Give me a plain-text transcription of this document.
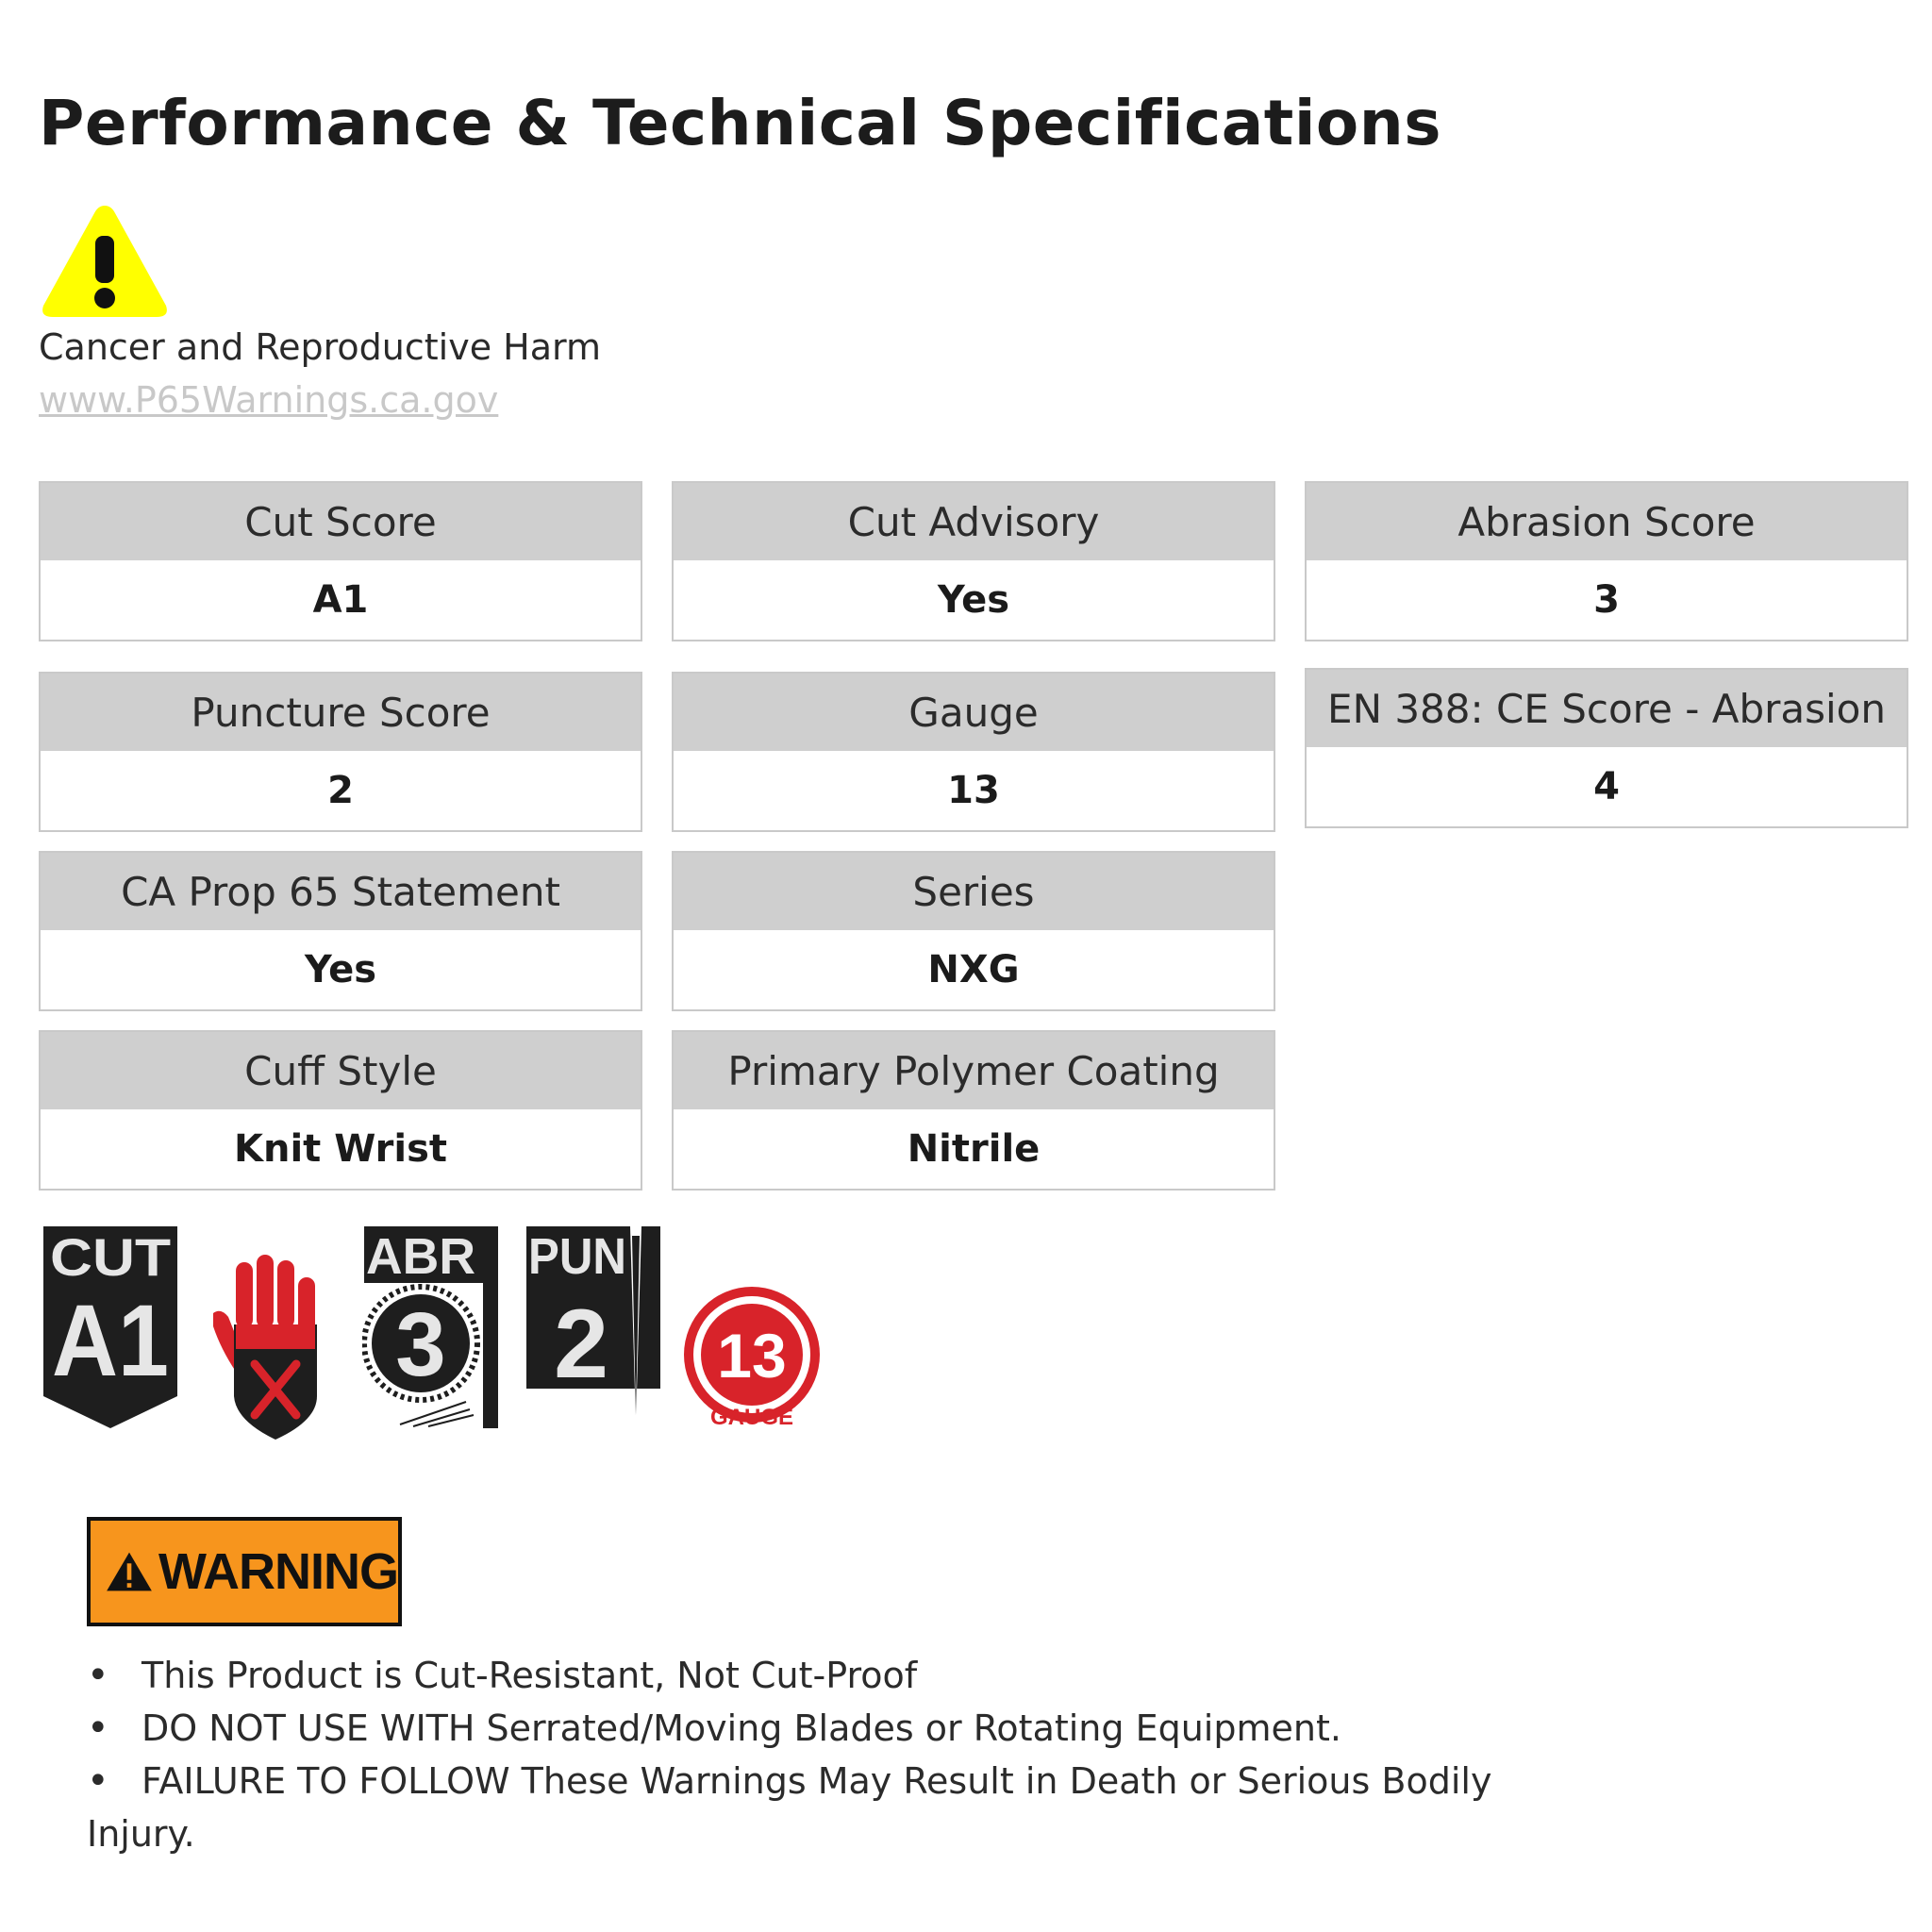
Performance & Technical Specifications
Cancer and Reproductive Harm
www.P65Warnings.ca.gov
Cut Score
A1
Cut Advisory
Yes
Abrasion Score
3
Puncture Score
2
Gauge
13
EN 388: CE Score - Abrasion
4
CA Prop 65 Statement
Yes
Series
NXG
Cuff Style
Knit Wrist
Primary Polymer Coating
Nitrile
CUT
A1
ABR
3
PUN
2 13
GAUGE
WARNING
• This Product is Cut-Resistant, Not Cut-Proof
• DO NOT USE WITH Serrated/Moving Blades or Rotating Equipment.
• FAILURE TO FOLLOW These Warnings May Result in Death or Serious Bodily
Injury.
